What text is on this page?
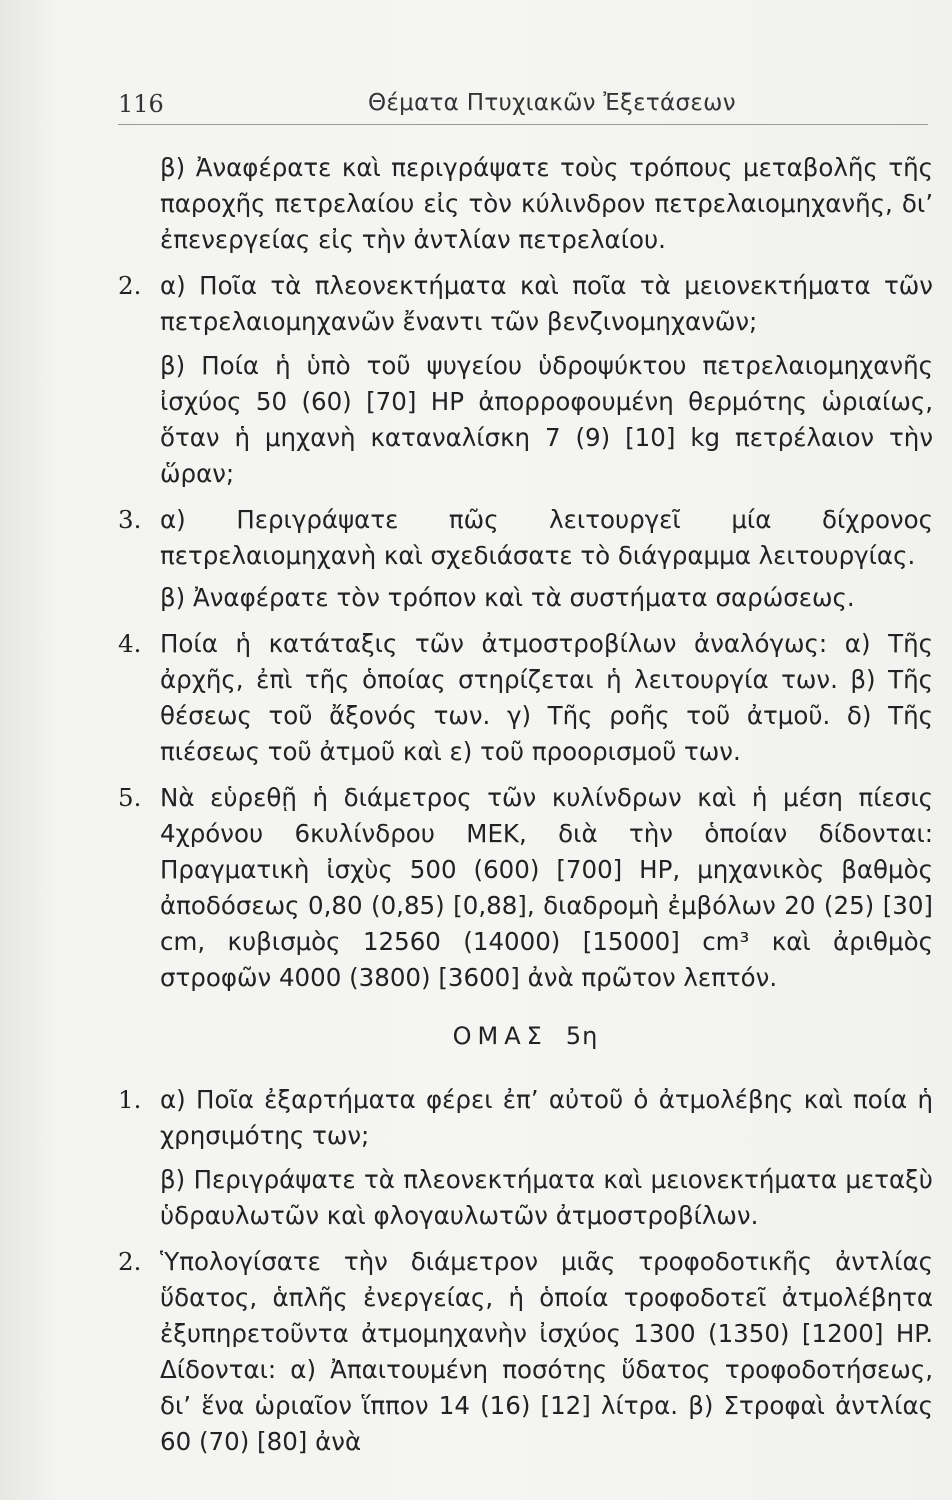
116	Θέματα Πτυχιακῶν Ἐξετάσεων
β) Ἀναφέρατε καὶ περιγράψατε τοὺς τρόπους μεταβολῆς τῆς παροχῆς πετρελαίου εἰς τὸν κύλινδρον πετρελαιομηχανῆς, δι’ ἐπενεργείας εἰς τὴν ἀντλίαν πετρελαίου.
2. α) Ποῖα τὰ πλεονεκτήματα καὶ ποῖα τὰ μειονεκτήματα τῶν πετρελαιομηχανῶν ἔναντι τῶν βενζινομηχανῶν;
β) Ποία ἡ ὑπὸ τοῦ ψυγείου ὑδροψύκτου πετρελαιομηχανῆς ἰσχύος 50 (60) [70] HP ἀπορροφουμένη θερμότης ὡριαίως, ὅταν ἡ μηχανὴ καταναλίσκη 7 (9) [10] kg πετρέλαιον τὴν ὥραν;
3. α) Περιγράψατε πῶς λειτουργεῖ μία δίχρονος πετρελαιομηχανὴ καὶ σχεδιάσατε τὸ διάγραμμα λειτουργίας.
β) Ἀναφέρατε τὸν τρόπον καὶ τὰ συστήματα σαρώσεως.
4. Ποία ἡ κατάταξις τῶν ἀτμοστροβίλων ἀναλόγως: α) Τῆς ἀρχῆς, ἐπὶ τῆς ὁποίας στηρίζεται ἡ λειτουργία των. β) Τῆς θέσεως τοῦ ἄξονός των. γ) Τῆς ροῆς τοῦ ἀτμοῦ. δ) Τῆς πιέσεως τοῦ ἀτμοῦ καὶ ε) τοῦ προορισμοῦ των.
5. Νὰ εὑρεθῇ ἡ διάμετρος τῶν κυλίνδρων καὶ ἡ μέση πίεσις 4χρόνου 6κυλίνδρου ΜΕΚ, διὰ τὴν ὁποίαν δίδονται: Πραγματικὴ ἰσχὺς 500 (600) [700] HP, μηχανικὸς βαθμὸς ἀποδόσεως 0,80 (0,85) [0,88], διαδρομὴ ἐμβόλων 20 (25) [30] cm, κυβισμὸς 12560 (14000) [15000] cm³ καὶ ἀριθμὸς στροφῶν 4000 (3800) [3600] ἀνὰ πρῶτον λεπτόν.
ΟΜΑΣ 5η
1. α) Ποῖα ἐξαρτήματα φέρει ἐπ’ αὐτοῦ ὁ ἀτμολέβης καὶ ποία ἡ χρησιμότης των;
β) Περιγράψατε τὰ πλεονεκτήματα καὶ μειονεκτήματα μεταξὺ ὑδραυλωτῶν καὶ φλογαυλωτῶν ἀτμοστροβίλων.
2. Ὑπολογίσατε τὴν διάμετρον μιᾶς τροφοδοτικῆς ἀντλίας ὕδατος, ἁπλῆς ἐνεργείας, ἡ ὁποία τροφοδοτεῖ ἀτμολέβητα ἐξυπηρετοῦντα ἀτμομηχανὴν ἰσχύος 1300 (1350) [1200] HP. Δίδονται: α) Ἀπαιτουμένη ποσότης ὕδατος τροφοδοτήσεως, δι’ ἕνα ὡριαῖον ἵππον 14 (16) [12] λίτρα. β) Στροφαὶ ἀντλίας 60 (70) [80] ἀνὰ
